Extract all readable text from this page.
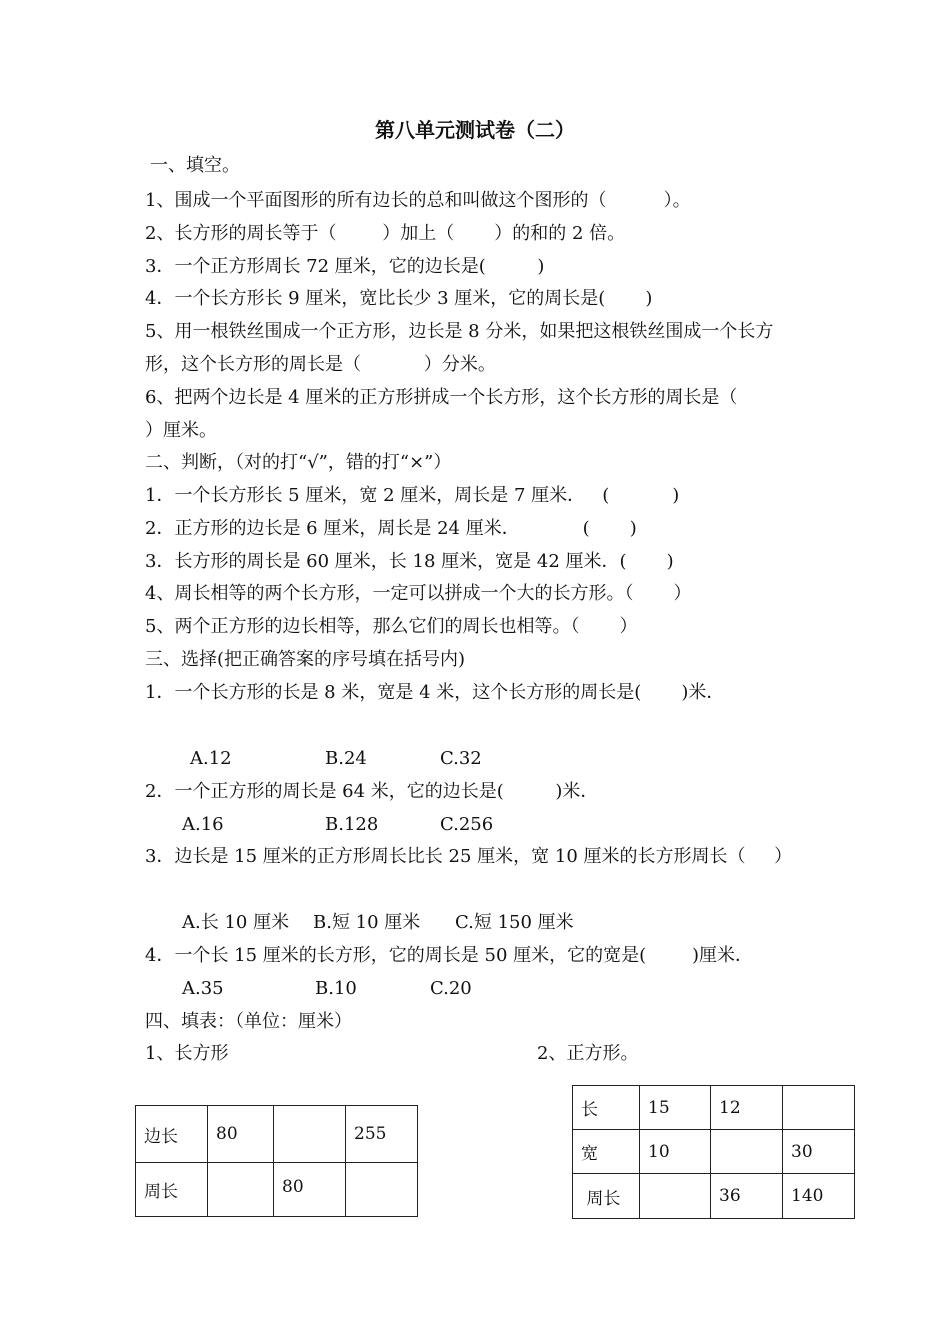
第八单元测试卷（二）
一、填空。
1、围成一个平面图形的所有边长的总和叫做这个图形的（          ）。
2、长方形的周长等于（        ）加上（       ）的和的 2 倍。
3．一个正方形周长 72 厘米，它的边长是(         )
4．一个长方形长 9 厘米，宽比长少 3 厘米，它的周长是(       )
5、用一根铁丝围成一个正方形，边长是 8 分米，如果把这根铁丝围成一个长方
形，这个长方形的周长是（           ）分米。
6、把两个边长是 4 厘米的正方形拼成一个长方形，这个长方形的周长是（
）厘米。
二、判断，（对的打“√”，错的打“×”）
1．一个长方形长 5 厘米，宽 2 厘米，周长是 7 厘米．   (           )
2．正方形的边长是 6 厘米，周长是 24 厘米．           (       )
3．长方形的周长是 60 厘米，长 18 厘米，宽是 42 厘米．(       )
4、周长相等的两个长方形，一定可以拼成一个大的长方形。（       ）
5、两个正方形的边长相等，那么它们的周长也相等。（       ）
三、选择(把正确答案的序号填在括号内)
1．一个长方形的长是 8 米，宽是 4 米，这个长方形的周长是(       )米．
A.12	B.24	C.32
2．一个正方形的周长是 64 米，它的边长是(         )米．
A.16	B.128	C.256
3．边长是 15 厘米的正方形周长比长 25 厘米，宽 10 厘米的长方形周长（     ）
A.长 10 厘米 B.短 10 厘米 C.短 150 厘米
4．一个长 15 厘米的长方形，它的周长是 50 厘米，它的宽是(        )厘米．
A.35	B.10	C.20
四、填表：（单位：厘米）
1、长方形	2、正方形。
边长	80		255
周长		80	
长	15	12	
宽	10		30
周长		36	140
